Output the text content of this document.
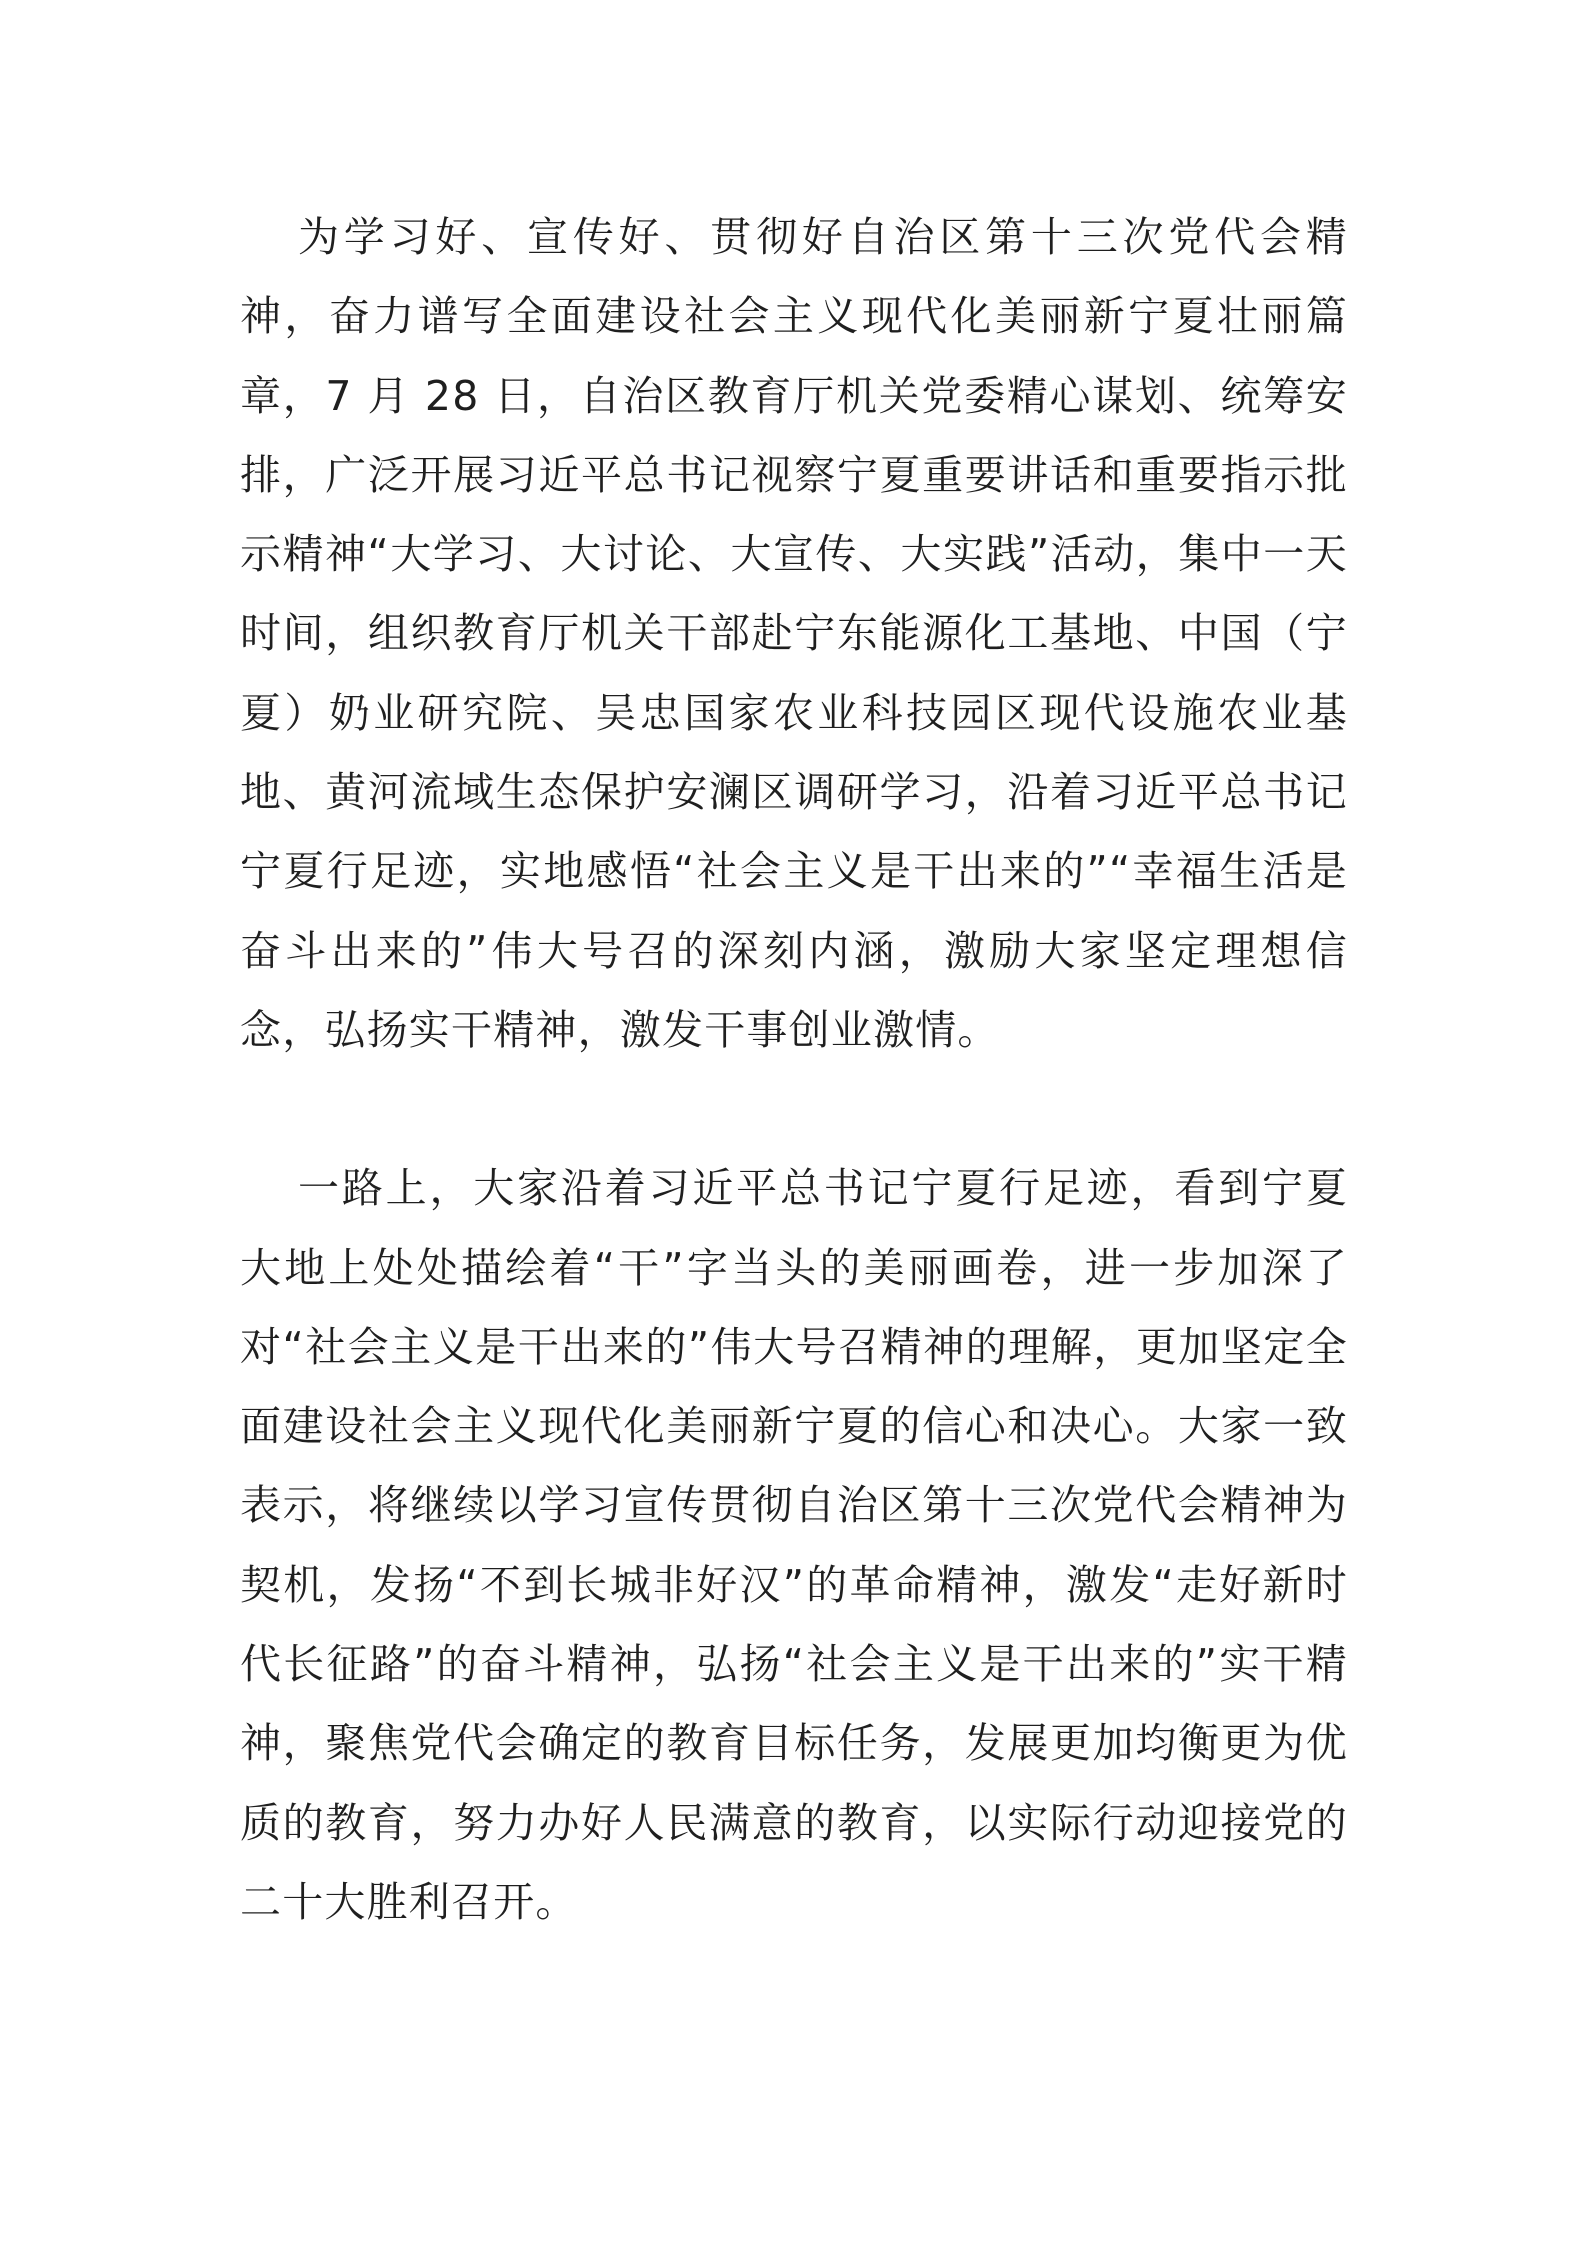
为学习好、宣传好、贯彻好自治区第十三次党代会精神，奋力谱写全面建设社会主义现代化美丽新宁夏壮丽篇章，7 月 28 日，自治区教育厅机关党委精心谋划、统筹安排，广泛开展习近平总书记视察宁夏重要讲话和重要指示批示精神“大学习、大讨论、大宣传、大实践”活动，集中一天时间，组织教育厅机关干部赴宁东能源化工基地、中国（宁夏）奶业研究院、吴忠国家农业科技园区现代设施农业基地、黄河流域生态保护安澜区调研学习，沿着习近平总书记宁夏行足迹，实地感悟“社会主义是干出来的”“幸福生活是奋斗出来的”伟大号召的深刻内涵，激励大家坚定理想信念，弘扬实干精神，激发干事创业激情。

一路上，大家沿着习近平总书记宁夏行足迹，看到宁夏大地上处处描绘着“干”字当头的美丽画卷，进一步加深了对“社会主义是干出来的”伟大号召精神的理解，更加坚定全面建设社会主义现代化美丽新宁夏的信心和决心。大家一致表示，将继续以学习宣传贯彻自治区第十三次党代会精神为契机，发扬“不到长城非好汉”的革命精神，激发“走好新时代长征路”的奋斗精神，弘扬“社会主义是干出来的”实干精神，聚焦党代会确定的教育目标任务，发展更加均衡更为优质的教育，努力办好人民满意的教育，以实际行动迎接党的二十大胜利召开。
